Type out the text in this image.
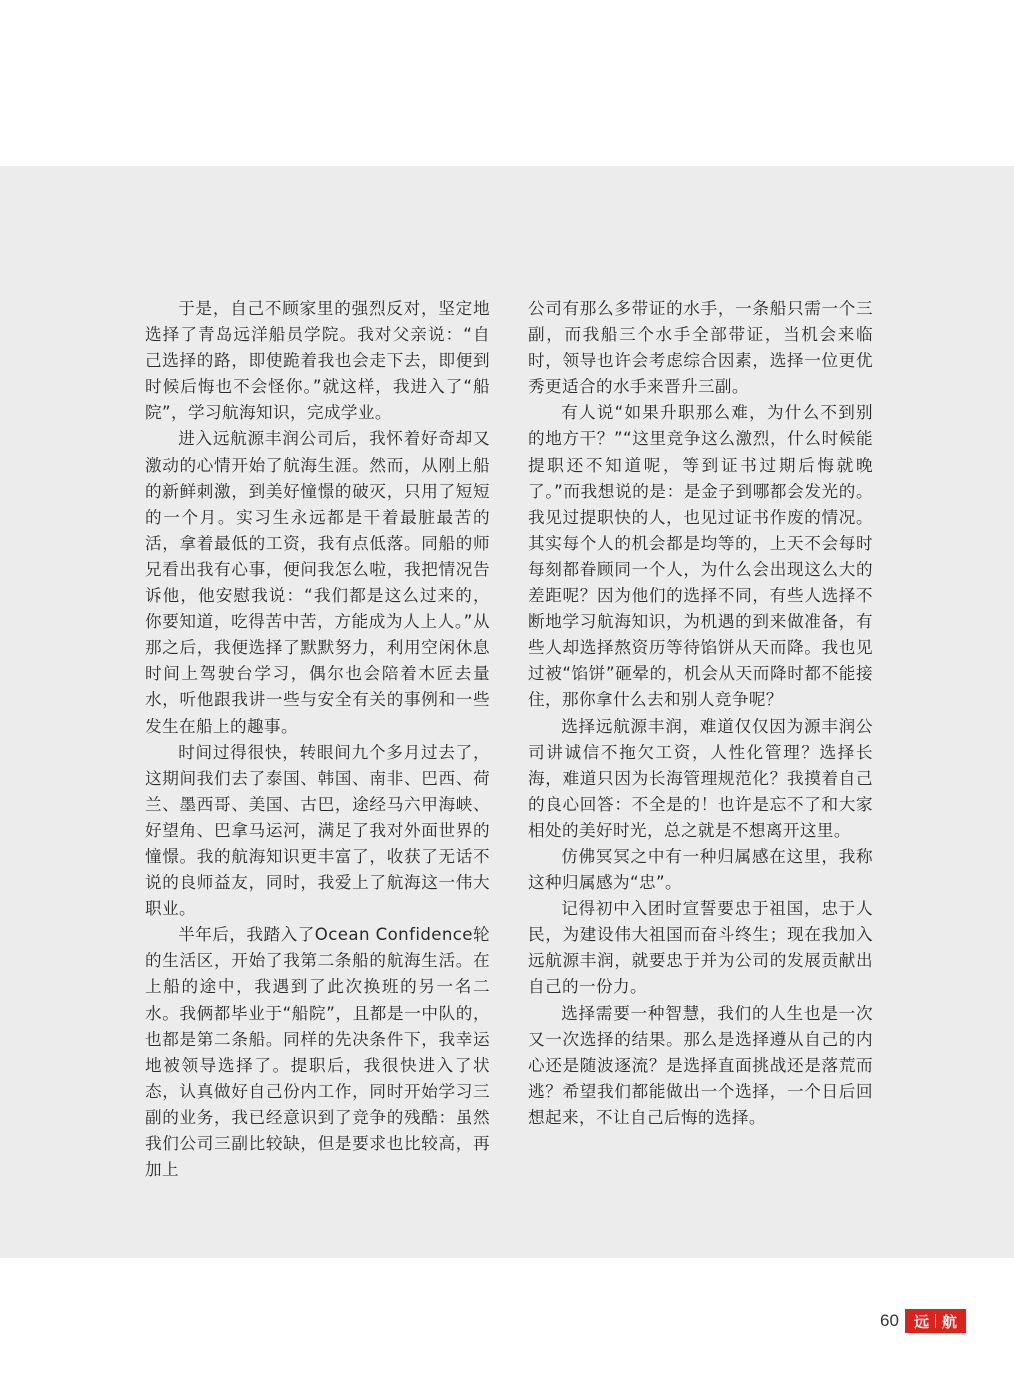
于是，自己不顾家里的强烈反对，坚定地选择了青岛远洋船员学院。我对父亲说：“自己选择的路，即使跪着我也会走下去，即便到时候后悔也不会怪你。”就这样，我进入了“船院”，学习航海知识，完成学业。

进入远航源丰润公司后，我怀着好奇却又激动的心情开始了航海生涯。然而，从刚上船的新鲜刺激，到美好憧憬的破灭，只用了短短的一个月。实习生永远都是干着最脏最苦的活，拿着最低的工资，我有点低落。同船的师兄看出我有心事，便问我怎么啦，我把情况告诉他，他安慰我说：“我们都是这么过来的，你要知道，吃得苦中苦，方能成为人上人。”从那之后，我便选择了默默努力，利用空闲休息时间上驾驶台学习，偶尔也会陪着木匠去量水，听他跟我讲一些与安全有关的事例和一些发生在船上的趣事。

时间过得很快，转眼间九个多月过去了，这期间我们去了泰国、韩国、南非、巴西、荷兰、墨西哥、美国、古巴，途经马六甲海峡、好望角、巴拿马运河，满足了我对外面世界的憧憬。我的航海知识更丰富了，收获了无话不说的良师益友，同时，我爱上了航海这一伟大职业。

半年后，我踏入了Ocean Confidence轮的生活区，开始了我第二条船的航海生活。在上船的途中，我遇到了此次换班的另一名二水。我俩都毕业于“船院”，且都是一中队的，也都是第二条船。同样的先决条件下，我幸运地被领导选择了。提职后，我很快进入了状态，认真做好自己份内工作，同时开始学习三副的业务，我已经意识到了竞争的残酷：虽然我们公司三副比较缺，但是要求也比较高，再加上

公司有那么多带证的水手，一条船只需一个三副，而我船三个水手全部带证，当机会来临时，领导也许会考虑综合因素，选择一位更优秀更适合的水手来晋升三副。

有人说“如果升职那么难，为什么不到别的地方干？”“这里竞争这么激烈，什么时候能提职还不知道呢，等到证书过期后悔就晚了。”而我想说的是：是金子到哪都会发光的。我见过提职快的人，也见过证书作废的情况。其实每个人的机会都是均等的，上天不会每时每刻都眷顾同一个人，为什么会出现这么大的差距呢？因为他们的选择不同，有些人选择不断地学习航海知识，为机遇的到来做准备，有些人却选择熬资历等待馅饼从天而降。我也见过被“馅饼”砸晕的，机会从天而降时都不能接住，那你拿什么去和别人竞争呢？

选择远航源丰润，难道仅仅因为源丰润公司讲诚信不拖欠工资，人性化管理？选择长海，难道只因为长海管理规范化？我摸着自己的良心回答：不全是的！也许是忘不了和大家相处的美好时光，总之就是不想离开这里。

仿佛冥冥之中有一种归属感在这里，我称这种归属感为“忠”。

记得初中入团时宣誓要忠于祖国，忠于人民，为建设伟大祖国而奋斗终生；现在我加入远航源丰润，就要忠于并为公司的发展贡献出自己的一份力。

选择需要一种智慧，我们的人生也是一次又一次选择的结果。那么是选择遵从自己的内心还是随波逐流？是选择直面挑战还是落荒而逃？希望我们都能做出一个选择，一个日后回想起来，不让自己后悔的选择。

60 远 航
